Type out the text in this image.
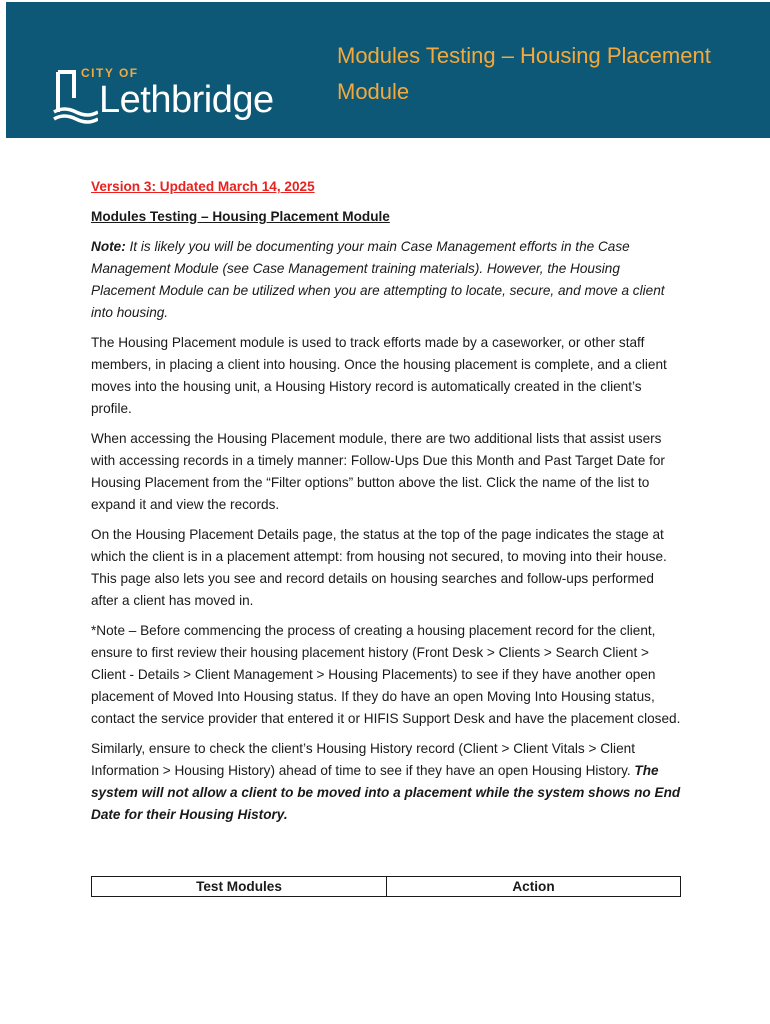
CITY OF
Lethbridge
Modules Testing – Housing Placement Module

Version 3: Updated March 14, 2025

Modules Testing – Housing Placement Module

Note: It is likely you will be documenting your main Case Management efforts in the Case Management Module (see Case Management training materials). However, the Housing Placement Module can be utilized when you are attempting to locate, secure, and move a client into housing.

The Housing Placement module is used to track efforts made by a caseworker, or other staff members, in placing a client into housing. Once the housing placement is complete, and a client moves into the housing unit, a Housing History record is automatically created in the client’s profile.

When accessing the Housing Placement module, there are two additional lists that assist users with accessing records in a timely manner: Follow-Ups Due this Month and Past Target Date for Housing Placement from the “Filter options” button above the list. Click the name of the list to expand it and view the records.

On the Housing Placement Details page, the status at the top of the page indicates the stage at which the client is in a placement attempt: from housing not secured, to moving into their house. This page also lets you see and record details on housing searches and follow-ups performed after a client has moved in.

*Note – Before commencing the process of creating a housing placement record for the client, ensure to first review their housing placement history (Front Desk > Clients > Search Client > Client - Details > Client Management > Housing Placements) to see if they have another open placement of Moved Into Housing status. If they do have an open Moving Into Housing status, contact the service provider that entered it or HIFIS Support Desk and have the placement closed.

Similarly, ensure to check the client’s Housing History record (Client > Client Vitals > Client Information > Housing History) ahead of time to see if they have an open Housing History. The system will not allow a client to be moved into a placement while the system shows no End Date for their Housing History.

Test Modules	Action
